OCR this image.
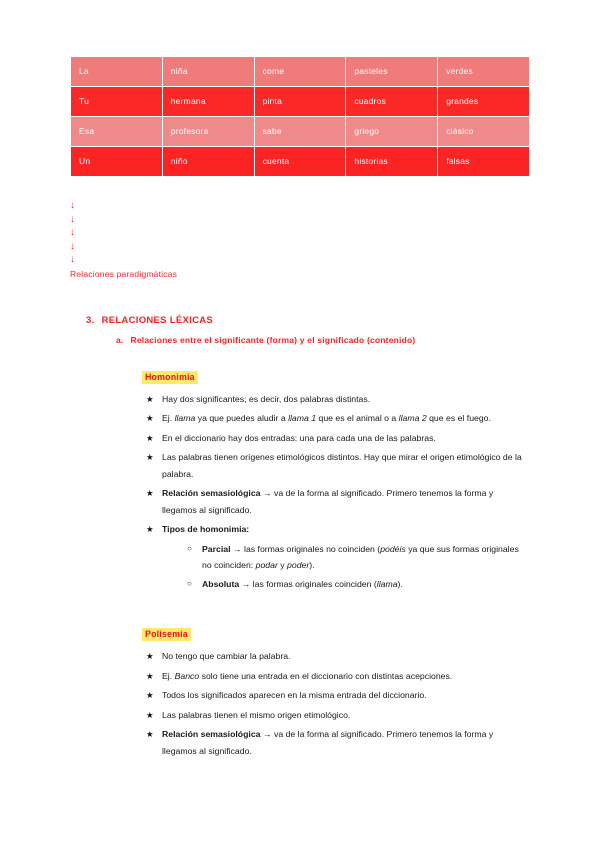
La	niña	come	pasteles	verdes
Tu	hermana	pinta	cuadros	grandes
Esa	profesora	sabe	griego	clásico
Un	niño	cuenta	historias	falsas
↓
↓
↓
↓
↓
Relaciones paradigmáticas
3. RELACIONES LÉXICAS
a. Relaciones entre el significante (forma) y el significado (contenido)
Homonimia
★ Hay dos significantes; es decir, dos palabras distintas.
★ Ej. llama ya que puedes aludir a llama 1 que es el animal o a llama 2 que es el fuego.
★ En el diccionario hay dos entradas: una para cada una de las palabras.
★ Las palabras tienen orígenes etimológicos distintos. Hay que mirar el origen etimológico de la palabra.
★ Relación semasiológica → va de la forma al significado. Primero tenemos la forma y llegamos al significado.
★ Tipos de homonimia:
○ Parcial → las formas originales no coinciden (podéis ya que sus formas originales no coinciden: podar y poder).
○ Absoluta → las formas originales coinciden (llama).
Polisemia
★ No tengo que cambiar la palabra.
★ Ej. Banco solo tiene una entrada en el diccionario con distintas acepciones.
★ Todos los significados aparecen en la misma entrada del diccionario.
★ Las palabras tienen el mismo origen etimológico.
★ Relación semasiológica → va de la forma al significado. Primero tenemos la forma y llegamos al significado.
